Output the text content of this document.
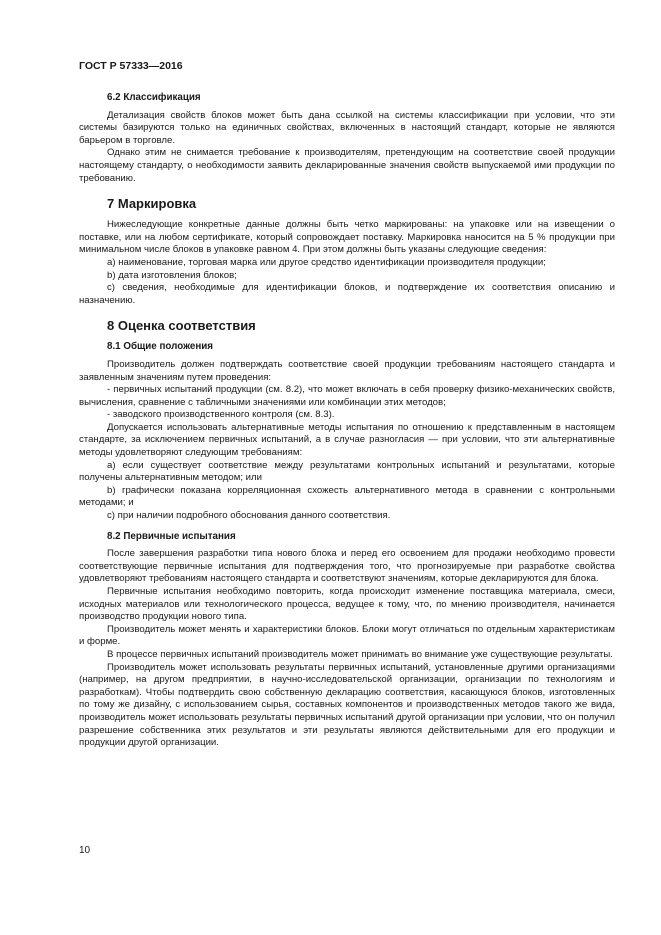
ГОСТ Р 57333—2016
6.2 Классификация

Детализация свойств блоков может быть дана ссылкой на системы классификации при условии, что эти системы базируются только на единичных свойствах, включенных в настоящий стандарт, которые не являются барьером в торговле.

Однако этим не снимается требование к производителям, претендующим на соответствие своей продукции настоящему стандарту, о необходимости заявить декларированные значения свойств выпускаемой ими продукции по требованию.

7 Маркировка

Нижеследующие конкретные данные должны быть четко маркированы: на упаковке или на извещении о поставке, или на любом сертификате, который сопровождает поставку. Маркировка наносится на 5 % продукции при минимальном числе блоков в упаковке равном 4. При этом должны быть указаны следующие сведения:

а) наименование, торговая марка или другое средство идентификации производителя продукции;

b) дата изготовления блоков;

с) сведения, необходимые для идентификации блоков, и подтверждение их соответствия описанию и назначению.

8 Оценка соответствия
8.1 Общие положения

Производитель должен подтверждать соответствие своей продукции требованиям настоящего стандарта и заявленным значениям путем проведения:

- первичных испытаний продукции (см. 8.2), что может включать в себя проверку физико-механических свойств, вычисления, сравнение с табличными значениями или комбинации этих методов;

- заводского производственного контроля (см. 8.3).

Допускается использовать альтернативные методы испытания по отношению к представленным в настоящем стандарте, за исключением первичных испытаний, а в случае разногласия — при условии, что эти альтернативные методы удовлетворяют следующим требованиям:

а) если существует соответствие между результатами контрольных испытаний и результатами, которые получены альтернативным методом; или

b) графически показана корреляционная схожесть альтернативного метода в сравнении с контрольными методами; и

с) при наличии подробного обоснования данного соответствия.

8.2 Первичные испытания

После завершения разработки типа нового блока и перед его освоением для продажи необходимо провести соответствующие первичные испытания для подтверждения того, что прогнозируемые при разработке свойства удовлетворяют требованиям настоящего стандарта и соответствуют значениям, которые декларируются для блока.

Первичные испытания необходимо повторить, когда происходит изменение поставщика материала, смеси, исходных материалов или технологического процесса, ведущее к тому, что, по мнению производителя, начинается производство продукции нового типа.

Производитель может менять и характеристики блоков. Блоки могут отличаться по отдельным характеристикам и форме.

В процессе первичных испытаний производитель может принимать во внимание уже существующие результаты.

Производитель может использовать результаты первичных испытаний, установленные другими организациями (например, на другом предприятии, в научно-исследовательской организации, организации по технологиям и разработкам). Чтобы подтвердить свою собственную декларацию соответствия, касающуюся блоков, изготовленных по тому же дизайну, с использованием сырья, составных компонентов и производственных методов такого же вида, производитель может использовать результаты первичных испытаний другой организации при условии, что он получил разрешение собственника этих результатов и эти результаты являются действительными для его продукции и продукции другой организации.

10
